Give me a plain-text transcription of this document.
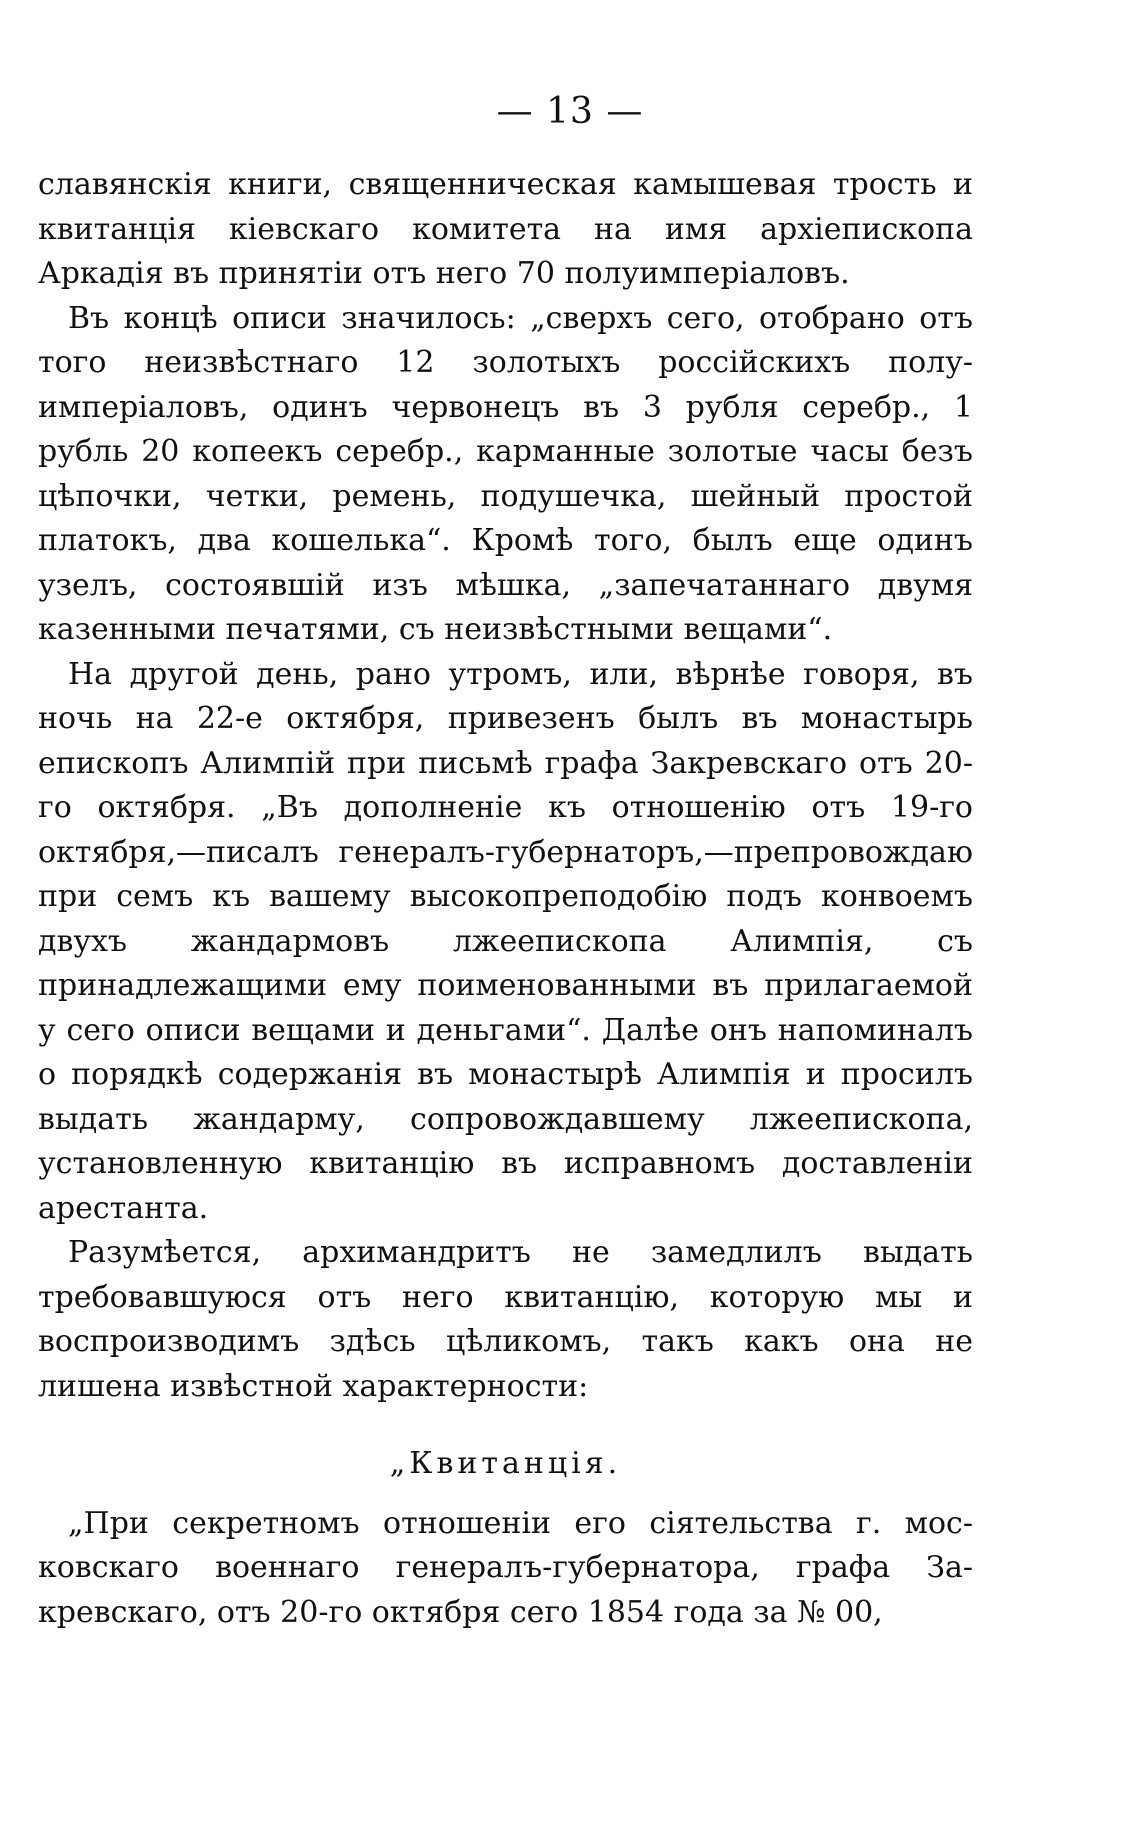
— 13 —

славянскія книги, священническая камышевая трость и квитанція кіевскаго комитета на имя архіепископа Аркадія въ принятіи отъ него 70 полуимперіаловъ.

Въ концѣ описи значилось: „сверхъ сего, отобрано отъ того неизвѣстнаго 12 золотыхъ россійскихъ полуимперіаловъ, одинъ червонецъ въ 3 рубля серебр., 1 рубль 20 копеекъ серебр., карманные золотые часы безъ цѣпочки, четки, ремень, подушечка, шейный простой платокъ, два кошелька“. Кромѣ того, былъ еще одинъ узелъ, состоявшій изъ мѣшка, „запечатаннаго двумя казенными печатями, съ неизвѣстными вещами“.

На другой день, рано утромъ, или, вѣрнѣе говоря, въ ночь на 22-е октября, привезенъ былъ въ монастырь епископъ Алимпій при письмѣ графа Закревскаго отъ 20-го октября. „Въ дополненіе къ отношенію отъ 19-го октября,—писалъ генералъ-губернаторъ,—препровождаю при семъ къ вашему высокопреподобію подъ конвоемъ двухъ жандармовъ лжеепископа Алимпія, съ принадлежащими ему поименованными въ прилагаемой у сего описи вещами и деньгами“. Далѣе онъ напоминалъ о порядкѣ содержанія въ монастырѣ Алимпія и просилъ выдать жандарму, сопровождавшему лжеепископа, установленную квитанцію въ исправномъ доставленіи арестанта.

Разумѣется, архимандритъ не замедлилъ выдать требовавшуюся отъ него квитанцію, которую мы и воспроизводимъ здѣсь цѣликомъ, такъ какъ она не лишена извѣстной характерности:

„Квитанція.

„При секретномъ отношеніи его сіятельства г. московскаго военнаго генералъ-губернатора, графа Закревскаго, отъ 20-го октября сего 1854 года за № 00,
